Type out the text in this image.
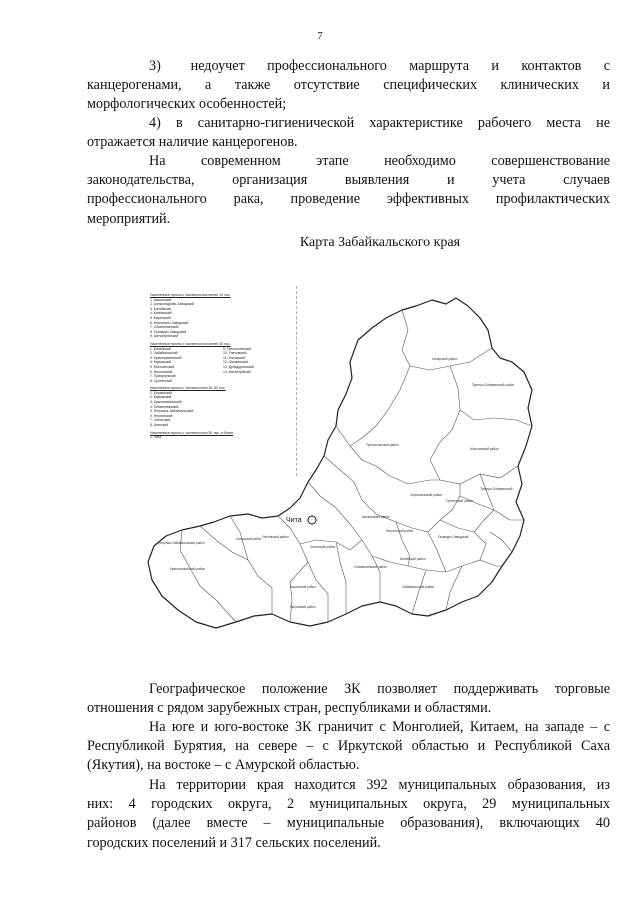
7

3)    недоучет   профессионального   маршрута   и   контактов   с

канцерогенами, а также отсутствие специфических клинических и

морфологических особенностей;

4) в санитарно-гигиенической характеристике рабочего места не

отражается наличие канцерогенов.

На современном этапе необходимо совершенствование

законодательства, организация выявления и учета случаев

профессионального рака, проведение эффективных профилактических

мероприятий.

Карта Забайкальского края
Чита
Каларский район
Тунгиро-Олёкминский район
Тунгокоченский район
Могочинский район
Тунгиро-Олёкминский
Сретенский район
Газимуро-Заводский
Красночикойский район
Петровск-Забайкальский район
Хилокский район Улётовский район
Читинский район
Оловяннинский район
Акшинский район
Кыринский район
Забайкальский район
Нерчинский район
Балейский район
Шилкинский район
Чернышевский район
Населенные пункты с численностью менее 10 тыс.
1. Акшинский
2. Александрово-Заводский
3. Балейский
4. Калганский
5. Кыринский
6. Нерчинско-Заводский
7. Оловяннинский
8. Газимуро-Заводский
9. Шелопугинский
Населенные пункты с численностью менее 30 тыс.
1. Балейский
2. Забайкальский
3. Краснокаменский
4. Карымский
5. Могочинский
6. Нерчинский
7. Приаргунский
8. Сретенский
9. Тунгокоченский
10. Улетовский
11. Хилокский
12. Шилкинский
13. Дульдургинский
14. Могойтуйский
Населенные пункты с численностью 30–50 тыс.
1. Борзинский
2. Карымский
3. Краснокаменский
4. Оловяннинский
5. Петровск-Забайкальский
6. Нерчинский
7. Читинский
8. Агинский
Населенные пункты с численностью 50 тыс. и более
1. Чита

Географическое положение ЗК позволяет поддерживать торговые

отношения с рядом зарубежных стран, республиками и областями.

На юге и юго-востоке ЗК граничит с Монголией, Китаем, на западе – с

Республикой Бурятия, на севере – с Иркутской областью и Республикой Саха

(Якутия), на востоке – с Амурской областью.

На территории края находится 392 муниципальных образования, из

них: 4 городских округа, 2 муниципальных округа, 29 муниципальных

районов (далее вместе – муниципальные образования), включающих 40

городских поселений и 317 сельских поселений.
